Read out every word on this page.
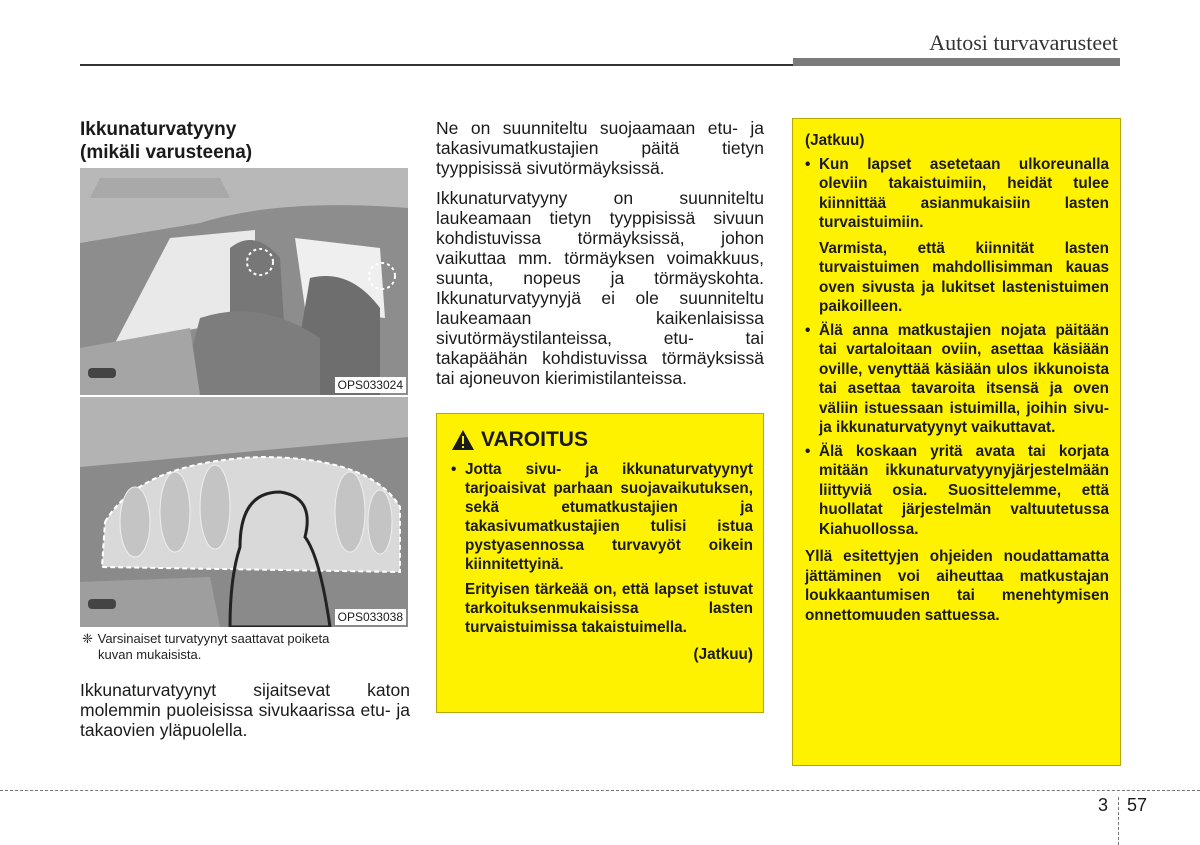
Autosi turvavarusteet

Ikkunaturvatyyny

(mikäli varusteena)

OPS033024
OPS033038
❈ Varsinaiset turvatyynyt saattavat poiketa
kuvan mukaisista.

Ikkunaturvatyynyt sijaitsevat katon molemmin puoleisissa sivukaarissa etu- ja takaovien yläpuolella.

Ne on suunniteltu suojaamaan etu- ja takasivumatkustajien päitä tietyn tyyppisissä sivutörmäyksissä.

Ikkunaturvatyyny on suunniteltu laukeamaan tietyn tyyppisissä sivuun kohdistuvissa törmäyksissä, johon vaikuttaa mm. törmäyksen voimakkuus, suunta, nopeus ja törmäyskohta. Ikkunaturvatyynyjä ei ole suunniteltu laukeamaan kaikenlaisissa sivutörmäystilanteissa, etu- tai takapäähän kohdistuvissa törmäyksissä tai ajoneuvon kierimistilanteissa.

VAROITUS
• Jotta sivu- ja ikkunaturvatyynyt tarjoaisivat parhaan suojavaikutuksen, sekä etumatkustajien ja takasivumatkustajien tulisi istua pystyasennossa turvavyöt oikein kiinnitettyinä.
Erityisen tärkeää on, että lapset istuvat tarkoituksenmukaisissa lasten turvaistuimissa takaistuimella.
(Jatkuu)
(Jatkuu)
• Kun lapset asetetaan ulkoreunalla oleviin takaistuimiin, heidät tulee kiinnittää asianmukaisiin lasten turvaistuimiin.
Varmista, että kiinnität lasten turvaistuimen mahdollisimman kauas oven sivusta ja lukitset lastenistuimen paikoilleen.
• Älä anna matkustajien nojata päitään tai vartaloitaan oviin, asettaa käsiään oville, venyttää käsiään ulos ikkunoista tai asettaa tavaroita itsensä ja oven väliin istuessaan istuimilla, joihin sivu- ja ikkunaturvatyynyt vaikuttavat.
• Älä koskaan yritä avata tai korjata mitään ikkunaturvatyynyjärjestelmään liittyviä osia. Suosittelemme, että huollatat järjestelmän valtuutetussa Kiahuollossa.
Yllä esitettyjen ohjeiden noudattamatta jättäminen voi aiheuttaa matkustajan loukkaantumisen tai menehtymisen onnettomuuden sattuessa.
3 57
